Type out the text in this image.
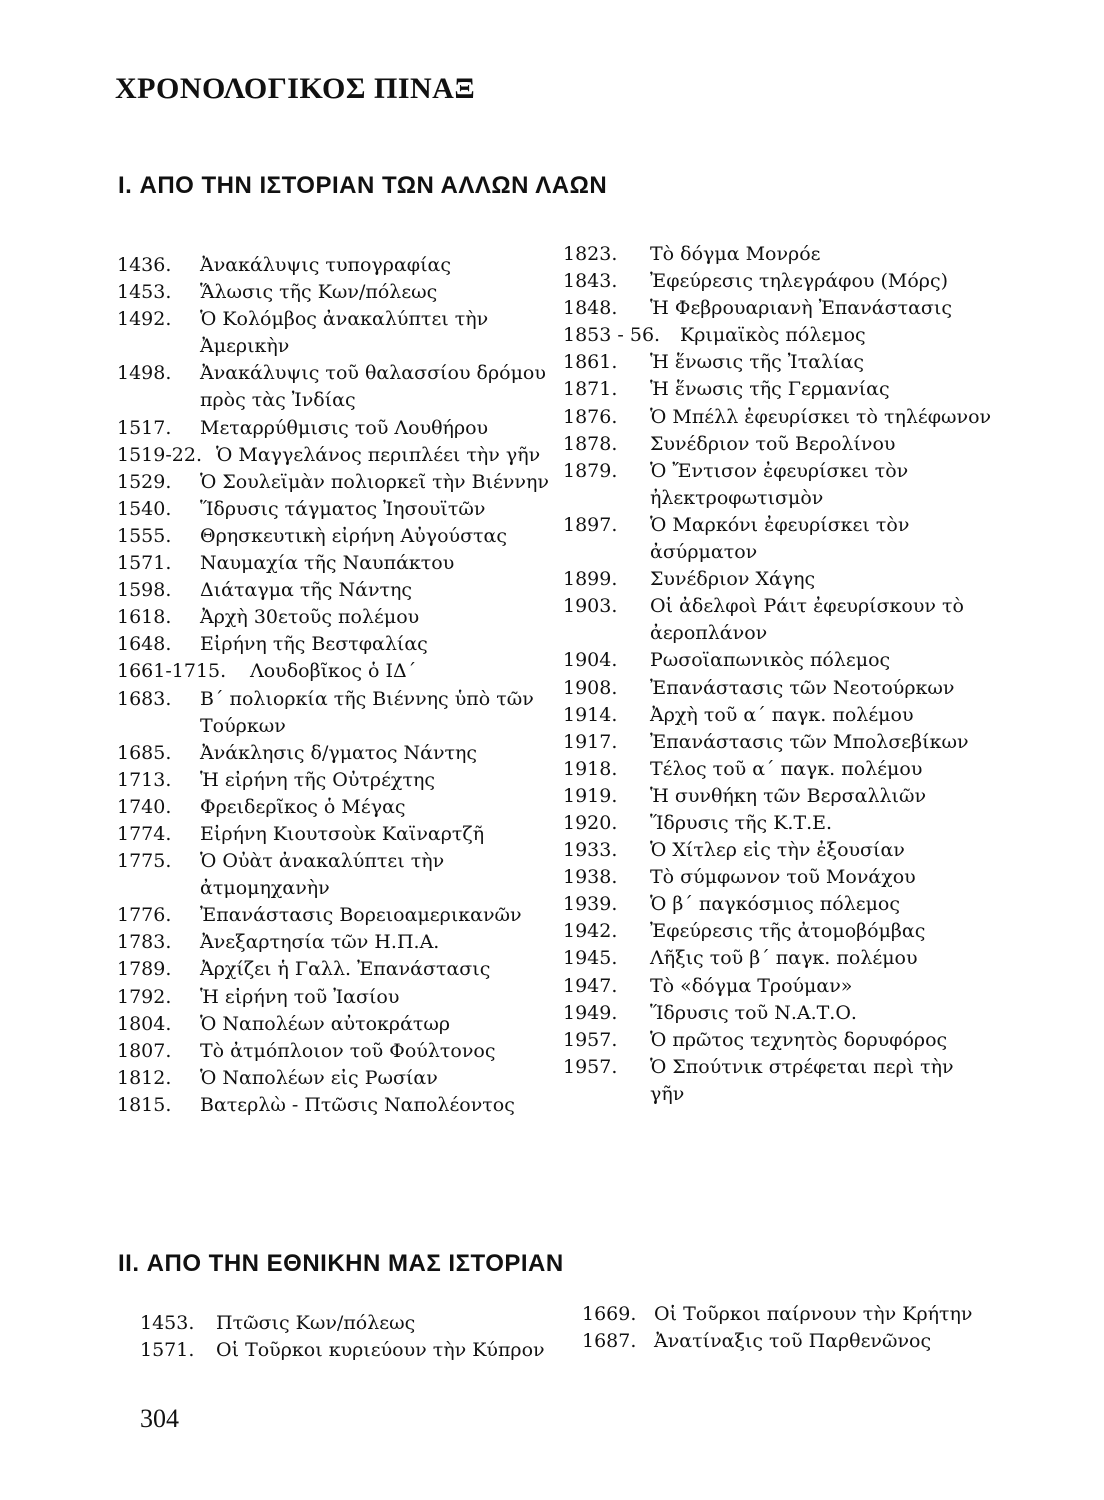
ΧΡΟΝΟΛΟΓΙΚΟΣ ΠΙΝΑΞ
I. ΑΠΟ ΤΗΝ ΙΣΤΟΡΙΑΝ ΤΩΝ ΑΛΛΩΝ ΛΑΩΝ
1436.	Ἀνακάλυψις τυπογραφίας
1453.	Ἅλωσις τῆς Κων/πόλεως
1492.	Ὁ Κολόμβος ἀνακαλύπτει τὴν Ἀμερικὴν
1498.	Ἀνακάλυψις τοῦ θαλασσίου δρόμου πρὸς τὰς Ἰνδίας
1517.	Μεταρρύθμισις τοῦ Λουθήρου
1519-22. Ὁ Μαγγελάνος περιπλέει τὴν γῆν
1529.	Ὁ Σουλεϊμὰν πολιορκεῖ τὴν Βιέννην
1540.	Ἵδρυσις τάγματος Ἰησουϊτῶν
1555.	Θρησκευτικὴ εἰρήνη Αὐγούστας
1571.	Ναυμαχία τῆς Ναυπάκτου
1598.	Διάταγμα τῆς Νάντης
1618.	Ἀρχὴ 30ετοῦς πολέμου
1648.	Εἰρήνη τῆς Βεστφαλίας
1661-1715.	Λουδοβῖκος ὁ ΙΔ΄
1683.	Β΄ πολιορκία τῆς Βιέννης ὑπὸ τῶν Τούρκων
1685.	Ἀνάκλησις δ/γματος Νάντης
1713.	Ἡ εἰρήνη τῆς Οὐτρέχτης
1740.	Φρειδερῖκος ὁ Μέγας
1774.	Εἰρήνη Κιουτσοὺκ Καϊναρτζῆ
1775.	Ὁ Οὐὰτ ἀνακαλύπτει τὴν ἀτμομηχανὴν
1776.	Ἐπανάστασις Βορειοαμερικανῶν
1783.	Ἀνεξαρτησία τῶν Η.Π.Α.
1789.	Ἀρχίζει ἡ Γαλλ. Ἐπανάστασις
1792.	Ἡ εἰρήνη τοῦ Ἰασίου
1804.	Ὁ Ναπολέων αὐτοκράτωρ
1807.	Τὸ ἀτμόπλοιον τοῦ Φούλτονος
1812.	Ὁ Ναπολέων εἰς Ρωσίαν
1815.	Βατερλὼ - Πτῶσις Ναπολέοντος
1823.	Τὸ δόγμα Μονρόε
1843.	Ἐφεύρεσις τηλεγράφου (Μόρς)
1848.	Ἡ Φεβρουαριανὴ Ἐπανάστασις
1853 - 56.	Κριμαϊκὸς πόλεμος
1861.	Ἡ ἕνωσις τῆς Ἰταλίας
1871.	Ἡ ἕνωσις τῆς Γερμανίας
1876.	Ὁ Μπέλλ ἐφευρίσκει τὸ τηλέφωνον
1878.	Συνέδριον τοῦ Βερολίνου
1879.	Ὁ Ἔντισον ἐφευρίσκει τὸν ἠλεκτροφωτισμὸν
1897.	Ὁ Μαρκόνι ἐφευρίσκει τὸν ἀσύρματον
1899.	Συνέδριον Χάγης
1903.	Οἱ ἀδελφοὶ Ράιτ ἐφευρίσκουν τὸ ἀεροπλάνον
1904.	Ρωσοϊαπωνικὸς πόλεμος
1908.	Ἐπανάστασις τῶν Νεοτούρκων
1914.	Ἀρχὴ τοῦ α΄ παγκ. πολέμου
1917.	Ἐπανάστασις τῶν Μπολσεβίκων
1918.	Τέλος τοῦ α΄ παγκ. πολέμου
1919.	Ἡ συνθήκη τῶν Βερσαλλιῶν
1920.	Ἵδρυσις τῆς Κ.Τ.Ε.
1933.	Ὁ Χίτλερ εἰς τὴν ἐξουσίαν
1938.	Τὸ σύμφωνον τοῦ Μονάχου
1939.	Ὁ β΄ παγκόσμιος πόλεμος
1942.	Ἐφεύρεσις τῆς ἀτομοβόμβας
1945.	Λῆξις τοῦ β΄ παγκ. πολέμου
1947.	Τὸ «δόγμα Τρούμαν»
1949.	Ἵδρυσις τοῦ Ν.Α.Τ.Ο.
1957.	Ὁ πρῶτος τεχνητὸς δορυφόρος
1957.	Ὁ Σπούτνικ στρέφεται περὶ τὴν γῆν
II. ΑΠΟ ΤΗΝ ΕΘΝΙΚΗΝ ΜΑΣ ΙΣΤΟΡΙΑΝ
1453.	Πτῶσις Κων/πόλεως
1571.	Οἱ Τοῦρκοι κυριεύουν τὴν Κύπρον
1669. Οἱ Τοῦρκοι παίρνουν τὴν Κρήτην
1687. Ἀνατίναξις τοῦ Παρθενῶνος
304
